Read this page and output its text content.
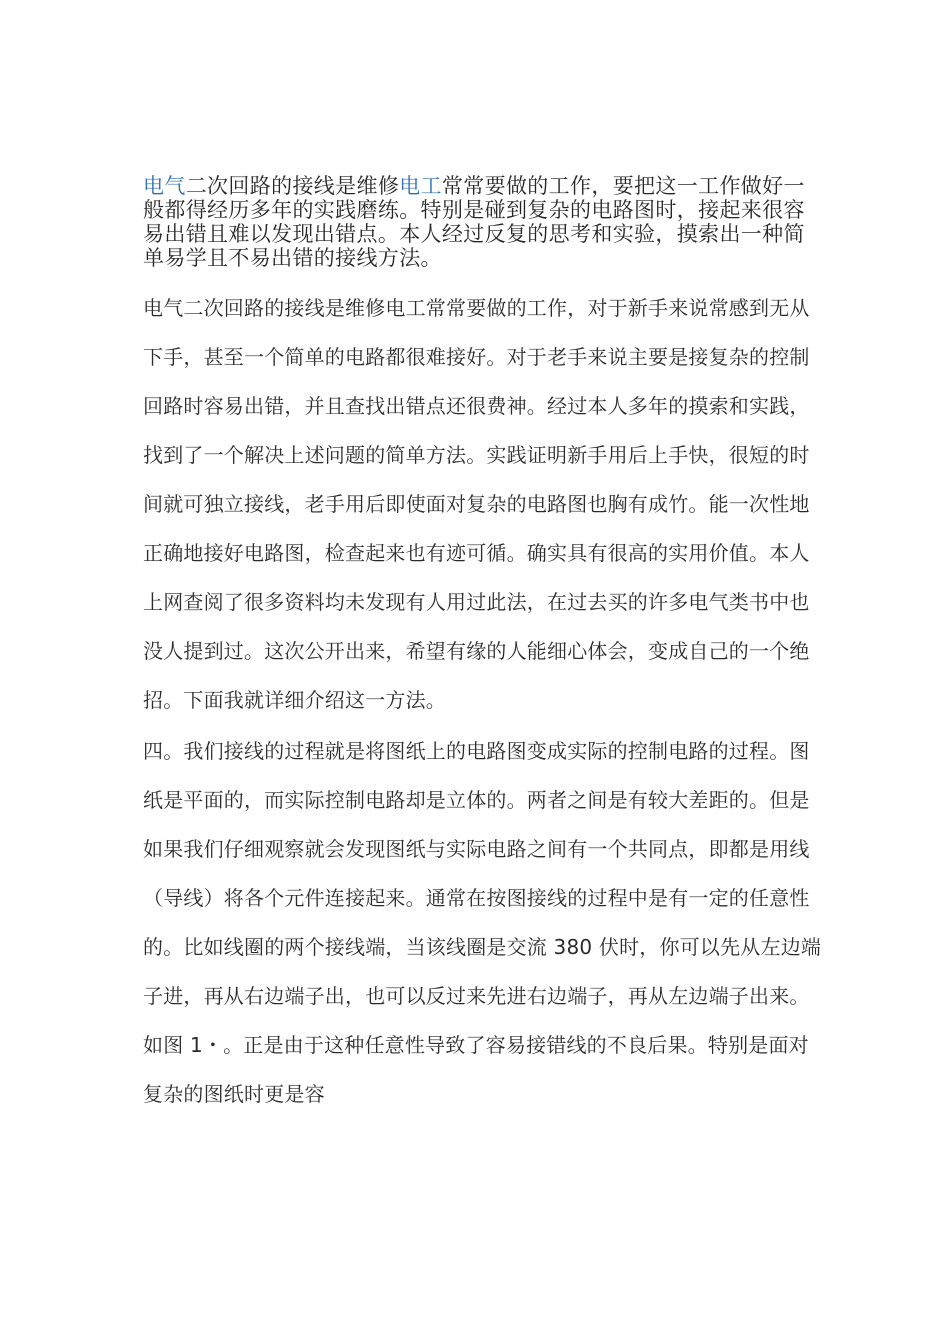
电气二次回路的接线是维修电工常常要做的工作，要把这一工作做好一般都得经历多年的实践磨练。特别是碰到复杂的电路图时，接起来很容易出错且难以发现出错点。本人经过反复的思考和实验，摸索出一种简单易学且不易出错的接线方法。

电气二次回路的接线是维修电工常常要做的工作，对于新手来说常感到无从下手，甚至一个简单的电路都很难接好。对于老手来说主要是接复杂的控制回路时容易出错，并且查找出错点还很费神。经过本人多年的摸索和实践，找到了一个解决上述问题的简单方法。实践证明新手用后上手快，很短的时间就可独立接线，老手用后即使面对复杂的电路图也胸有成竹。能一次性地正确地接好电路图，检查起来也有迹可循。确实具有很高的实用价值。本人上网查阅了很多资料均未发现有人用过此法，在过去买的许多电气类书中也没人提到过。这次公开出来，希望有缘的人能细心体会，变成自己的一个绝招。下面我就详细介绍这一方法。

四。我们接线的过程就是将图纸上的电路图变成实际的控制电路的过程。图纸是平面的，而实际控制电路却是立体的。两者之间是有较大差距的。但是如果我们仔细观察就会发现图纸与实际电路之间有一个共同点，即都是用线（导线）将各个元件连接起来。通常在按图接线的过程中是有一定的任意性的。比如线圈的两个接线端，当该线圈是交流 380 伏时，你可以先从左边端子进，再从右边端子出，也可以反过来先进右边端子，再从左边端子出来。如图 1・。正是由于这种任意性导致了容易接错线的不良后果。特别是面对复杂的图纸时更是容
